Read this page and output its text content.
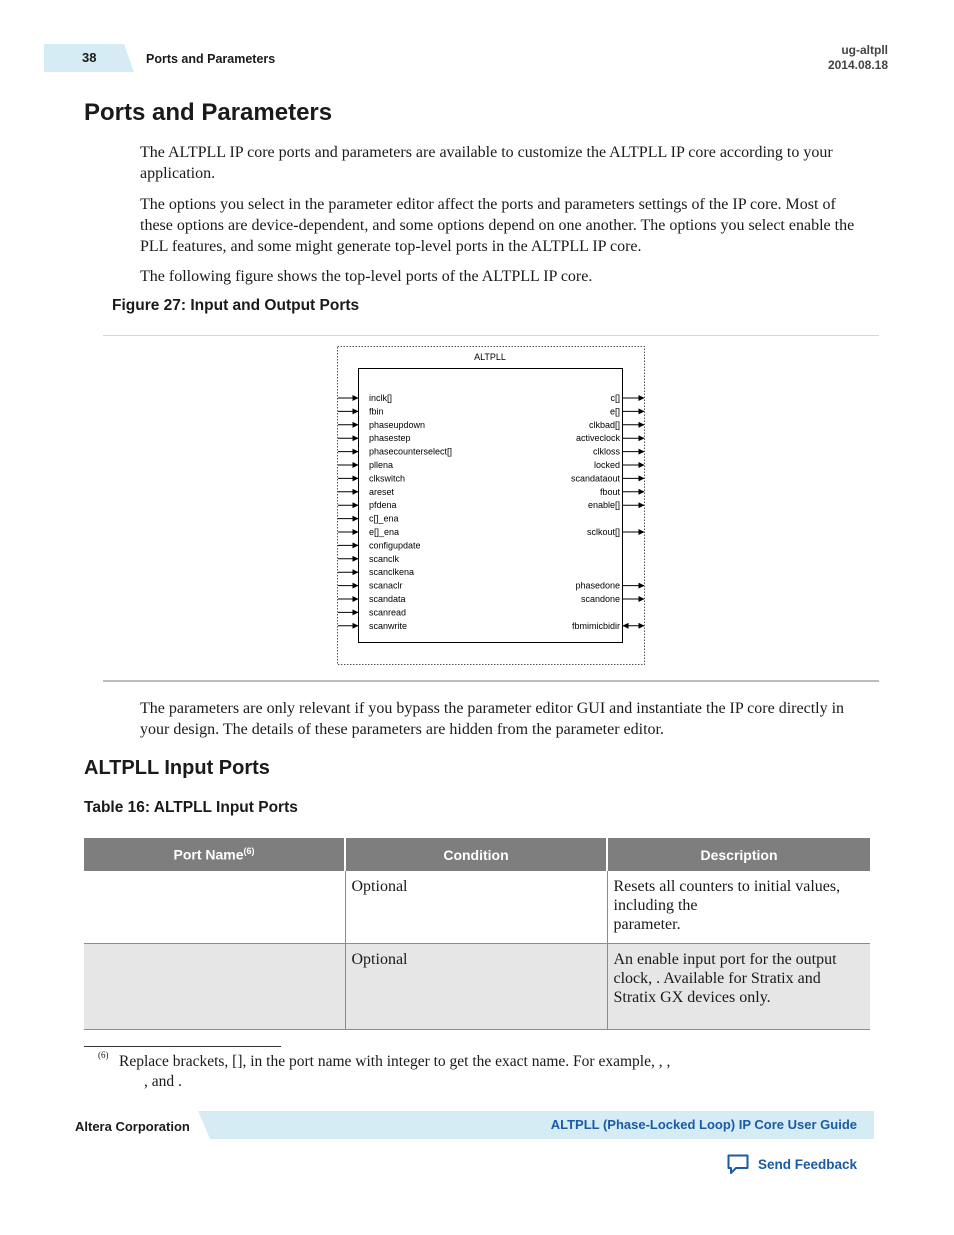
38	Ports and Parameters
ug-altpll
2014.08.18
Ports and Parameters

The ALTPLL IP core ports and parameters are available to customize the ALTPLL IP core according to your application.

The options you select in the parameter editor affect the ports and parameters settings of the IP core. Most of these options are device-dependent, and some options depend on one another. The options you select enable the PLL features, and some might generate top-level ports in the ALTPLL IP core.

The following figure shows the top-level ports of the ALTPLL IP core.

Figure 27: Input and Output Ports
ALTPLL
inclk[]
fbin
phaseupdown
phasestep
phasecounterselect[]
pllena
clkswitch
areset
pfdena
c[]_ena
e[]_ena
configupdate
scanclk
scanclkena
scanaclr
scandata
scanread
scanwrite
c[]
e[]
clkbad[]
activeclock
clkloss
locked
scandataout
fbout
enable[]
sclkout[]
phasedone
scandone
fbmimicbidir

The parameters are only relevant if you bypass the parameter editor GUI and instantiate the IP core directly in your design. The details of these parameters are hidden from the parameter editor.

ALTPLL Input Ports
Table 16: ALTPLL Input Ports
Port Name$^{(6)}$	Condition	Description
	Optional	Resets all counters to initial values, including the
parameter.
	Optional	An enable input port for the output clock, . Available for Stratix and Stratix GX devices only.
(6) Replace brackets, [], in the port name with integer to get the exact name. For example, , ,

, and .
Altera Corporation	ALTPLL (Phase-Locked Loop) IP Core User Guide
Send Feedback
